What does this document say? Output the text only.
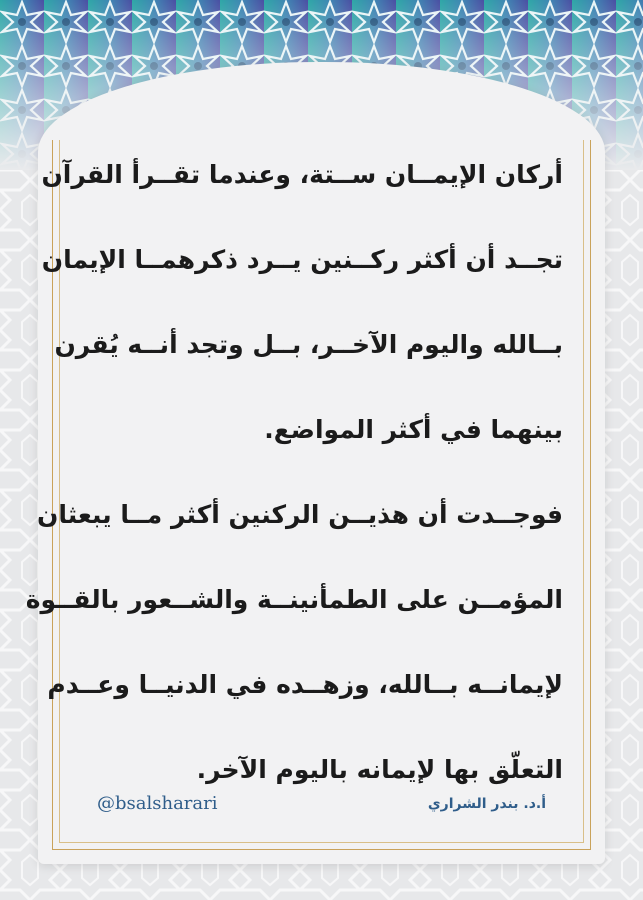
أركان الإيمــان ســتة، وعندما تقــرأ القرآن
تجــد أن أكثر ركــنين يــرد ذكرهمــا الإيمان
بــالله واليوم الآخــر، بــل وتجد أنــه يُقرن
بينهما في أكثر المواضع.
فوجــدت أن هذيــن الركنين أكثر مــا يبعثان
المؤمــن على الطمأنينــة والشــعور بالقــوة
لإيمانــه بــالله، وزهــده في الدنيــا وعــدم
التعلّق بها لإيمانه باليوم الآخر.
@bsalsharari	أ.د. بندر الشراري
